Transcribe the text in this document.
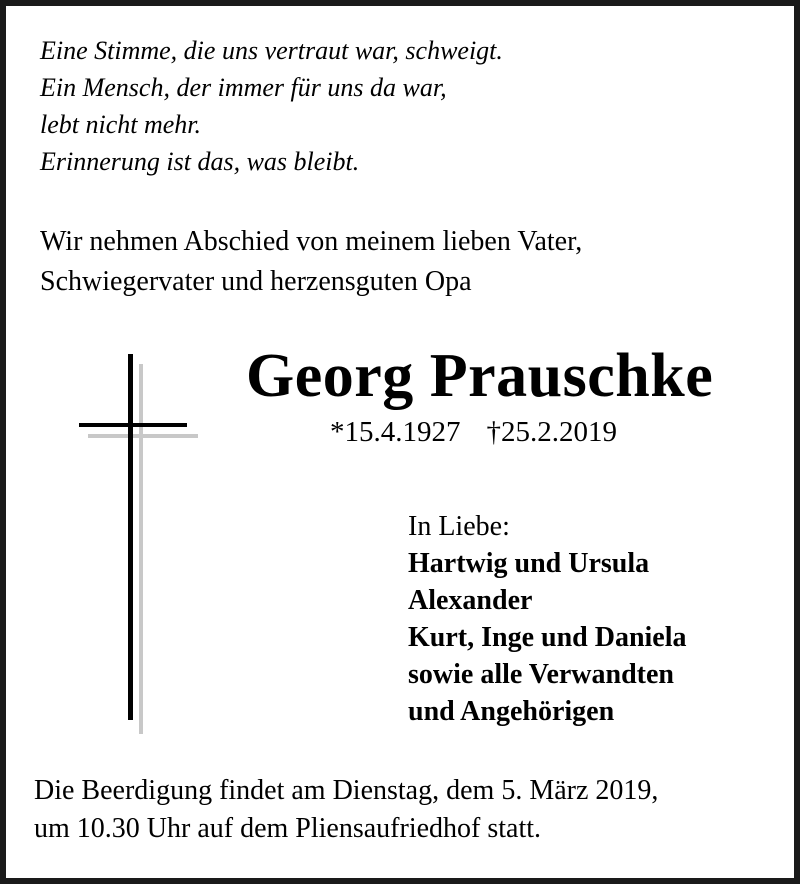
Eine Stimme, die uns vertraut war, schweigt.
Ein Mensch, der immer für uns da war,
lebt nicht mehr.
Erinnerung ist das, was bleibt.
Wir nehmen Abschied von meinem lieben Vater,
Schwiegervater und herzensguten Opa
Georg Prauschke
*15.4.1927 †25.2.2019
In Liebe:
Hartwig und Ursula
Alexander
Kurt, Inge und Daniela
sowie alle Verwandten
und Angehörigen
Die Beerdigung findet am Dienstag, dem 5. März 2019,
um 10.30 Uhr auf dem Pliensaufriedhof statt.
